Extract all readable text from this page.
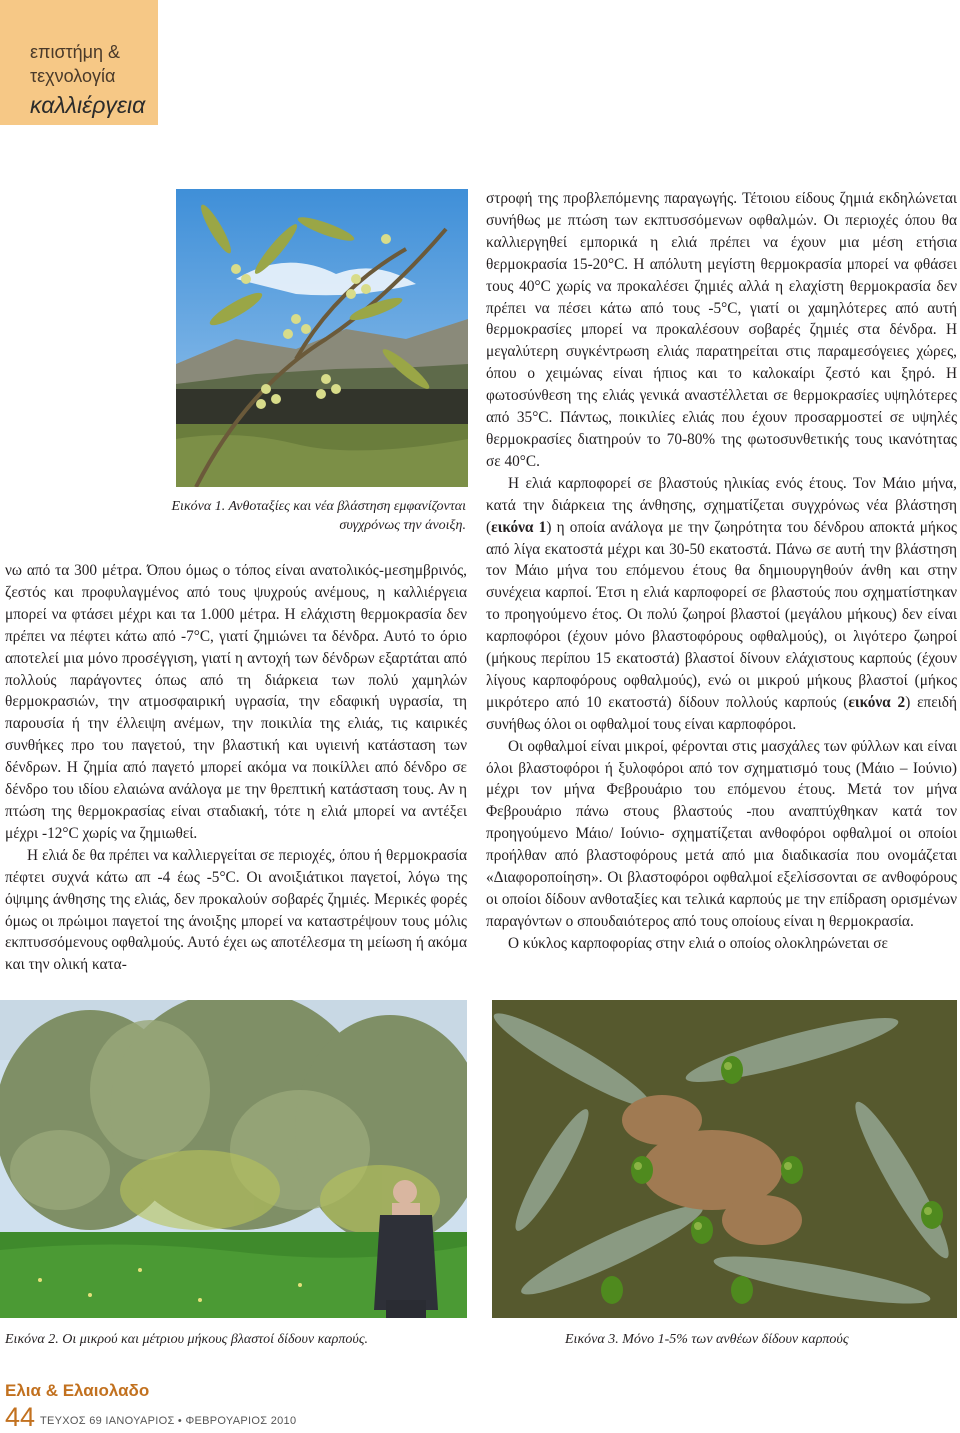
επιστήμη &
τεχνολογία
καλλιέργεια
Εικόνα 1. Ανθοταξίες και νέα βλάστηση εμφανίζονται
συγχρόνως την άνοιξη.

νω από τα 300 μέτρα. Όπου όμως ο τόπος είναι ανατολικός-μεσημβρινός, ζεστός και προφυλαγμένος από τους ψυχρούς ανέμους, η καλλιέργεια μπορεί να φτάσει μέχρι και τα 1.000 μέτρα. Η ελάχιστη θερμοκρασία δεν πρέπει να πέφτει κάτω από -7°C, γιατί ζημιώνει τα δένδρα. Αυτό το όριο αποτελεί μια μόνο προσέγγιση, γιατί η αντοχή των δένδρων εξαρτάται από πολλούς παράγοντες όπως από τη διάρκεια των πολύ χαμηλών θερμοκρασιών, την ατμοσφαιρική υγρασία, την εδαφική υγρασία, τη παρουσία ή την έλλειψη ανέμων, την ποικιλία της ελιάς, τις καιρικές συνθήκες προ του παγετού, την βλαστική και υγιεινή κατάσταση των δένδρων. Η ζημία από παγετό μπορεί ακόμα να ποικίλλει από δένδρο σε δένδρο του ιδίου ελαιώνα ανάλογα με την θρεπτική κατάσταση τους. Αν η πτώση της θερμοκρασίας είναι σταδιακή, τότε η ελιά μπορεί να αντέξει μέχρι -12°C χωρίς να ζημιωθεί.

Η ελιά δε θα πρέπει να καλλιεργείται σε περιοχές, όπου ή θερμοκρασία πέφτει συχνά κάτω απ -4 έως -5°C. Οι ανοιξιάτικοι παγετοί, λόγω της όψιμης άνθησης της ελιάς, δεν προκαλούν σοβαρές ζημιές. Μερικές φορές όμως οι πρώιμοι παγετοί της άνοιξης μπορεί να καταστρέψουν τους μόλις εκπτυσσόμενους οφθαλμούς. Αυτό έχει ως αποτέλεσμα τη μείωση ή ακόμα και την ολική κατα-

στροφή της προβλεπόμενης παραγωγής. Τέτοιου είδους ζημιά εκδηλώνεται συνήθως με πτώση των εκπτυσσόμενων οφθαλμών. Οι περιοχές όπου θα καλλιεργηθεί εμπορικά η ελιά πρέπει να έχουν μια μέση ετήσια θερμοκρασία 15-20°C. Η απόλυτη μεγίστη θερμοκρασία μπορεί να φθάσει τους 40°C χωρίς να προκαλέσει ζημιές αλλά η ελαχίστη θερμοκρασία δεν πρέπει να πέσει κάτω από τους -5°C, γιατί οι χαμηλότερες από αυτή θερμοκρασίες μπορεί να προκαλέσουν σοβαρές ζημιές στα δένδρα. Η μεγαλύτερη συγκέντρωση ελιάς παρατηρείται στις παραμεσόγειες χώρες, όπου ο χειμώνας είναι ήπιος και το καλοκαίρι ζεστό και ξηρό. Η φωτοσύνθεση της ελιάς γενικά αναστέλλεται σε θερμοκρασίες υψηλότερες από 35°C. Πάντως, ποικιλίες ελιάς που έχουν προσαρμοστεί σε υψηλές θερμοκρασίες διατηρούν το 70-80% της φωτοσυνθετικής τους ικανότητας σε 40°C.

Η ελιά καρποφορεί σε βλαστούς ηλικίας ενός έτους. Τον Μάιο μήνα, κατά την διάρκεια της άνθησης, σχηματίζεται συγχρόνως νέα βλάστηση (εικόνα 1) η οποία ανάλογα με την ζωηρότητα του δένδρου αποκτά μήκος από λίγα εκατοστά μέχρι και 30-50 εκατοστά. Πάνω σε αυτή την βλάστηση τον Μάιο μήνα του επόμενου έτους θα δημιουργηθούν άνθη και στην συνέχεια καρποί. Έτσι η ελιά καρποφορεί σε βλαστούς που σχηματίστηκαν το προηγούμενο έτος. Οι πολύ ζωηροί βλαστοί (μεγάλου μήκους) δεν είναι καρποφόροι (έχουν μόνο βλαστοφόρους οφθαλμούς), οι λιγότερο ζωηροί (μήκους περίπου 15 εκατοστά) βλαστοί δίνουν ελάχιστους καρπούς (έχουν λίγους καρποφόρους οφθαλμούς), ενώ οι μικρού μήκους βλαστοί (μήκος μικρότερο από 10 εκατοστά) δίδουν πολλούς καρπούς (εικόνα 2) επειδή συνήθως όλοι οι οφθαλμοί τους είναι καρποφόροι.

Οι οφθαλμοί είναι μικροί, φέρονται στις μασχάλες των φύλλων και είναι όλοι βλαστοφόροι ή ξυλοφόροι από τον σχηματισμό τους (Μάιο – Ιούνιο) μέχρι τον μήνα Φεβρουάριο του επόμενου έτους. Μετά τον μήνα Φεβρουάριο πάνω στους βλαστούς -που αναπτύχθηκαν κατά τον προηγούμενο Μάιο/ Ιούνιο- σχηματίζεται ανθοφόροι οφθαλμοί οι οποίοι προήλθαν από βλαστοφόρους μετά από μια διαδικασία που ονομάζεται «Διαφοροποίηση». Οι βλαστοφόροι οφθαλμοί εξελίσσονται σε ανθοφόρους οι οποίοι δίδουν ανθοταξίες και τελικά καρπούς με την επίδραση ορισμένων παραγόντων ο σπουδαιότερος από τους οποίους είναι η θερμοκρασία.

Ο κύκλος καρποφορίας στην ελιά ο οποίος ολοκληρώνεται σε

Εικόνα 2. Οι μικρού και μέτριου μήκους βλαστοί δίδουν καρπούς.	Εικόνα 3. Μόνο 1-5% των ανθέων δίδουν καρπούς
Ελια & Ελαιολαδο
44 ΤΕΥΧΟΣ 69 ΙΑΝΟΥΑΡΙΟΣ • ΦΕΒΡΟΥΑΡΙΟΣ 2010
